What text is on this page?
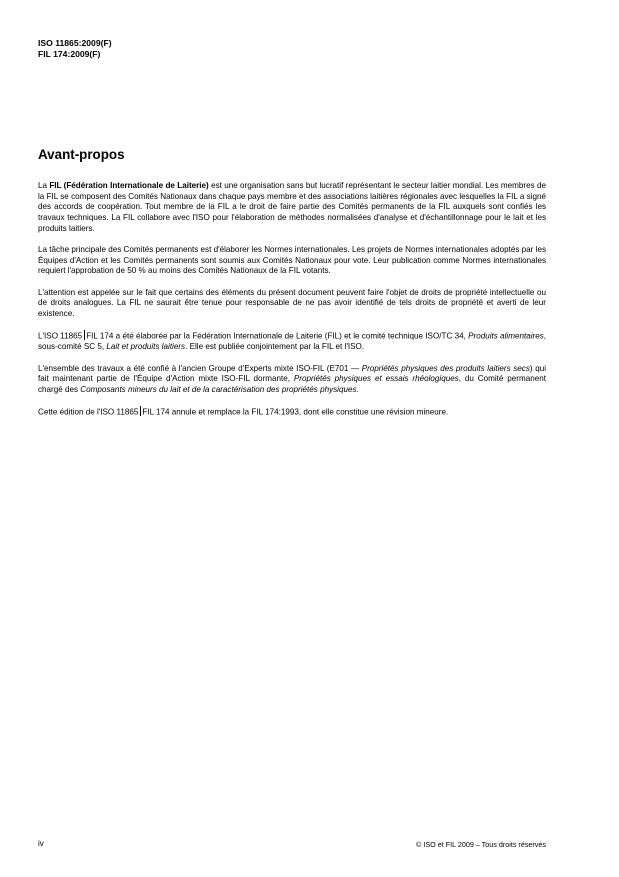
ISO 11865:2009(F)
FIL 174:2009(F)
Avant-propos

La FIL (Fédération Internationale de Laiterie) est une organisation sans but lucratif représentant le secteur laitier mondial. Les membres de la FIL se composent des Comités Nationaux dans chaque pays membre et des associations laitières régionales avec lesquelles la FIL a signé des accords de coopération. Tout membre de la FIL a le droit de faire partie des Comités permanents de la FIL auxquels sont confiés les travaux techniques. La FIL collabore avec l'ISO pour l'élaboration de méthodes normalisées d'analyse et d'échantillonnage pour le lait et les produits laitiers.

La tâche principale des Comités permanents est d'élaborer les Normes internationales. Les projets de Normes internationales adoptés par les Équipes d'Action et les Comités permanents sont soumis aux Comités Nationaux pour vote. Leur publication comme Normes internationales requiert l'approbation de 50 % au moins des Comités Nationaux de la FIL votants.

L'attention est appelée sur le fait que certains des éléments du présent document peuvent faire l'objet de droits de propriété intellectuelle ou de droits analogues. La FIL ne saurait être tenue pour responsable de ne pas avoir identifié de tels droits de propriété et averti de leur existence.

L'ISO 11865 FIL 174 a été élaborée par la Fédération Internationale de Laiterie (FIL) et le comité technique ISO/TC 34, Produits alimentaires, sous-comité SC 5, Lait et produits laitiers. Elle est publiée conjointement par la FIL et l'ISO.

L'ensemble des travaux a été confié à l'ancien Groupe d'Experts mixte ISO-FIL (E701 — Propriétés physiques des produits laitiers secs) qui fait maintenant partie de l'Équipe d'Action mixte ISO-FIL dormante, Propriétés physiques et essais rhéologiques, du Comité permanent chargé des Composants mineurs du lait et de la caractérisation des propriétés physiques.

Cette édition de l'ISO 11865 FIL 174 annule et remplace la FIL 174:1993, dont elle constitue une révision mineure.

iv	© ISO et FIL 2009 – Tous droits réservés
